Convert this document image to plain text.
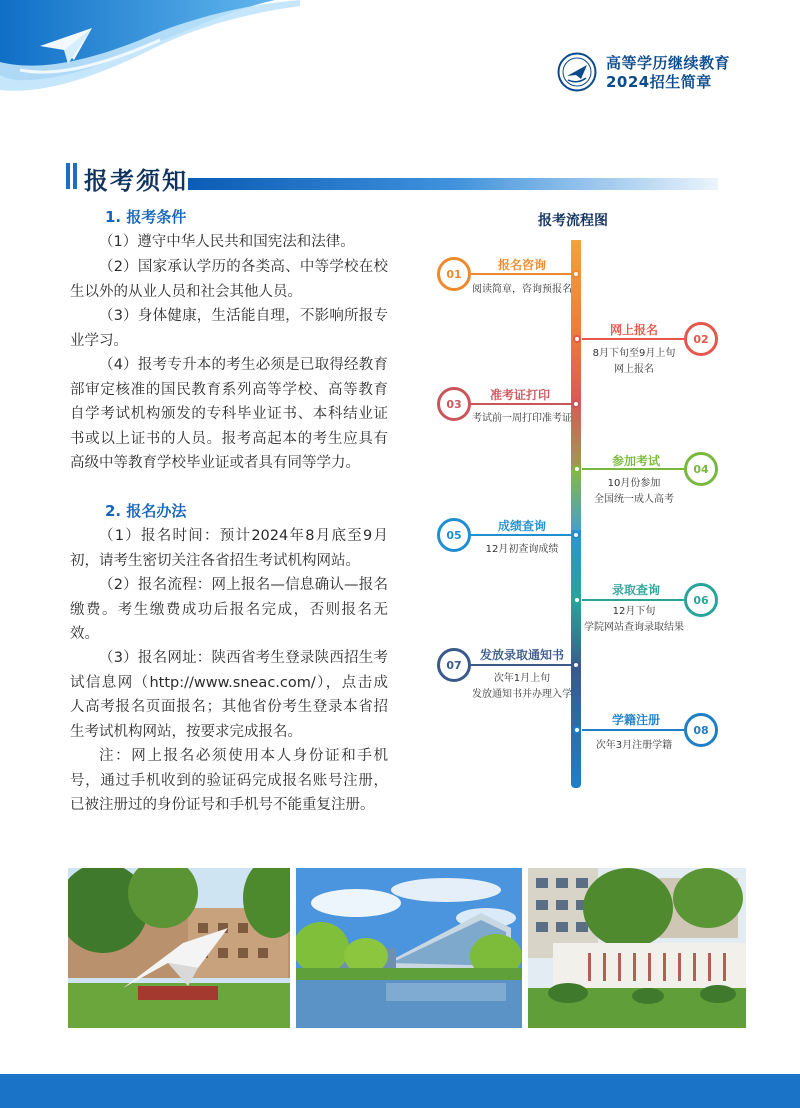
高等学历继续教育
2024招生简章
报考须知
1. 报考条件

（1）遵守中华人民共和国宪法和法律。

（2）国家承认学历的各类高、中等学校在校生以外的从业人员和社会其他人员。

（3）身体健康，生活能自理，不影响所报专业学习。

（4）报考专升本的考生必须是已取得经教育部审定核准的国民教育系列高等学校、高等教育自学考试机构颁发的专科毕业证书、本科结业证书或以上证书的人员。报考高起本的考生应具有高级中等教育学校毕业证或者具有同等学力。

2. 报名办法

（1）报名时间：预计2024年8月底至9月初，请考生密切关注各省招生考试机构网站。

（2）报名流程：网上报名—信息确认—报名缴费。考生缴费成功后报名完成，否则报名无效。

（3）报名网址：陕西省考生登录陕西招生考试信息网（http://www.sneac.com/），点击成人高考报名页面报名；其他省份考生登录本省招生考试机构网站，按要求完成报名。

注：网上报名必须使用本人身份证和手机号，通过手机收到的验证码完成报名账号注册，已被注册过的身份证号和手机号不能重复注册。

报考流程图
01
报名咨询
阅读简章，咨询预报名
02
网上报名
8月下旬至9月上旬
网上报名
03
准考证打印
考试前一周打印准考证
04
参加考试
10月份参加
全国统一成人高考
05
成绩查询
12月初查询成绩
06
录取查询
12月下旬
学院网站查询录取结果
07
发放录取通知书
次年1月上旬
发放通知书并办理入学
08
学籍注册
次年3月注册学籍
